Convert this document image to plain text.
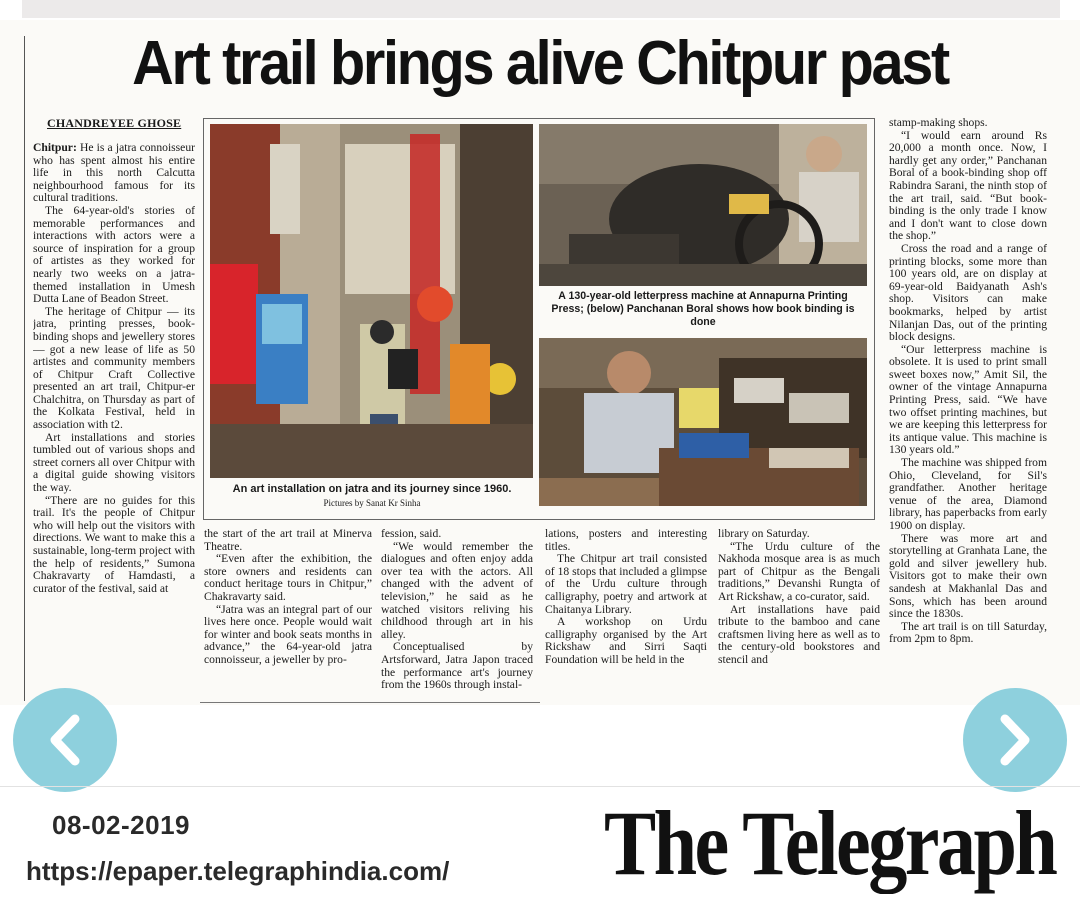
Art trail brings alive Chitpur past
CHANDREYEE GHOSE

Chitpur: He is a jatra connoisseur who has spent almost his entire life in this north Calcutta neighbourhood famous for its cultural traditions.

The 64-year-old's stories of memorable performances and interactions with actors were a source of inspiration for a group of artistes as they worked for nearly two weeks on a jatra-themed installation in Umesh Dutta Lane of Beadon Street.

The heritage of Chitpur — its jatra, printing presses, book-binding shops and jewellery stores — got a new lease of life as 50 artistes and community members of Chitpur Craft Collective presented an art trail, Chitpur-er Chalchitra, on Thursday as part of the Kolkata Festival, held in association with t2.

Art installations and stories tumbled out of various shops and street corners all over Chitpur with a digital guide showing visitors the way.

“There are no guides for this trail. It's the people of Chitpur who will help out the visitors with directions. We want to make this a sustainable, long-term project with the help of residents,” Sumona Chakravarty of Hamdasti, a curator of the festival, said at

An art installation on jatra and its journey since 1960.
Pictures by Sanat Kr Sinha
A 130-year-old letterpress machine at Annapurna Printing Press; (below) Panchanan Boral shows how book binding is done

the start of the art trail at Minerva Theatre.

“Even after the exhibition, the store owners and residents can conduct heritage tours in Chitpur,” Chakravarty said.

“Jatra was an integral part of our lives here once. People would wait for winter and book seats months in advance,” the 64-year-old jatra connoisseur, a jeweller by pro-

fession, said.

“We would remember the dialogues and often enjoy adda over tea with the actors. All changed with the advent of television,” he said as he watched visitors reliving his childhood through art in his alley.

Conceptualised by Artsforward, Jatra Japon traced the performance art's journey from the 1960s through instal-

lations, posters and interesting titles.

The Chitpur art trail consisted of 18 stops that included a glimpse of the Urdu culture through calligraphy, poetry and artwork at Chaitanya Library.

A workshop on Urdu calligraphy organised by the Art Rickshaw and Sirri Saqti Foundation will be held in the

library on Saturday.

“The Urdu culture of the Nakhoda mosque area is as much part of Chitpur as the Bengali traditions,” Devanshi Rungta of Art Rickshaw, a co-curator, said.

Art installations have paid tribute to the bamboo and cane craftsmen living here as well as to the century-old bookstores and stencil and

stamp-making shops.

“I would earn around Rs 20,000 a month once. Now, I hardly get any order,” Panchanan Boral of a book-binding shop off Rabindra Sarani, the ninth stop of the art trail, said. “But book-binding is the only trade I know and I don't want to close down the shop.”

Cross the road and a range of printing blocks, some more than 100 years old, are on display at 69-year-old Baidyanath Ash's shop. Visitors can make bookmarks, helped by artist Nilanjan Das, out of the printing block designs.

“Our letterpress machine is obsolete. It is used to print small sweet boxes now,” Amit Sil, the owner of the vintage Annapurna Printing Press, said. “We have two offset printing machines, but we are keeping this letterpress for its antique value. This machine is 130 years old.”

The machine was shipped from Ohio, Cleveland, for Sil's grandfather. Another heritage venue of the area, Diamond library, has paperbacks from early 1900 on display.

There was more art and storytelling at Granhata Lane, the gold and silver jewellery hub. Visitors got to make their own sandesh at Makhanlal Das and Sons, which has been around since the 1830s.

The art trail is on till Saturday, from 2pm to 8pm.

08-02-2019
https://epaper.telegraphindia.com/ The Telegraph
